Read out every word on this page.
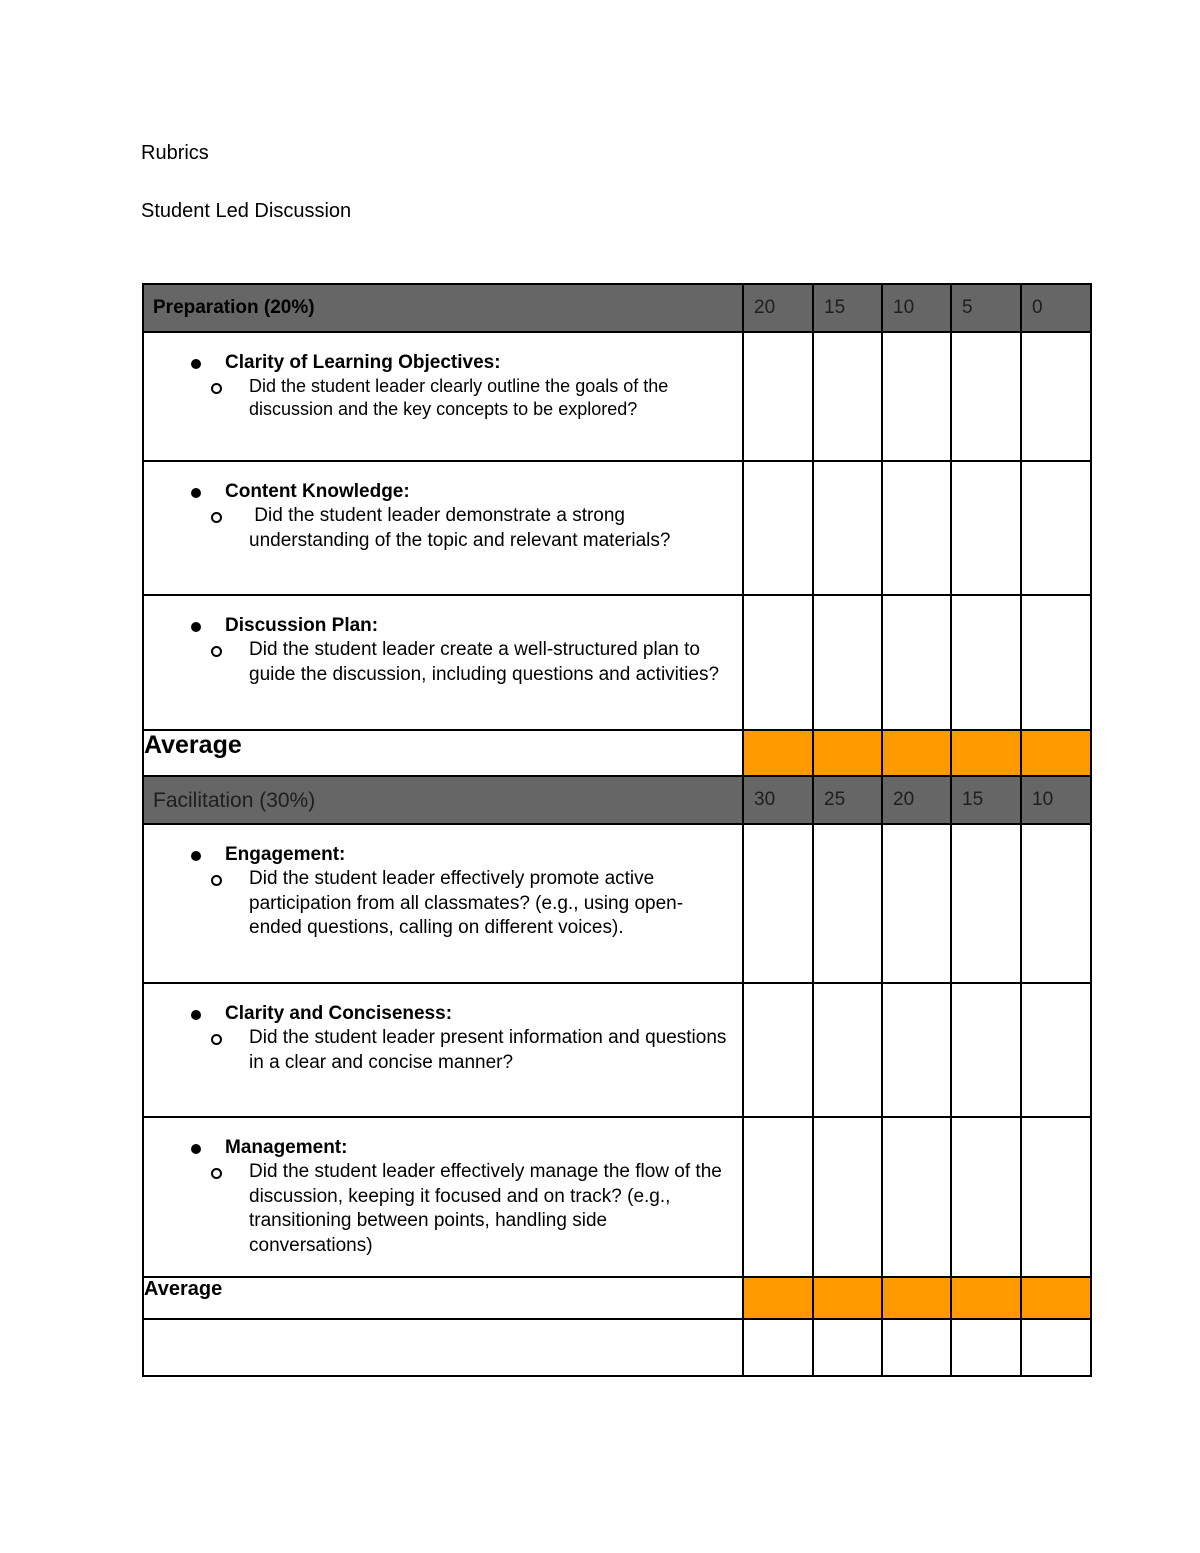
Rubrics
Student Led Discussion
Preparation (20%)	20	15	10	5	0

Clarity of Learning Objectives:
Did the student leader clearly outline the goals of the discussion and the key concepts to be explored?					

Content Knowledge:
Did the student leader demonstrate a strong understanding of the topic and relevant materials?					

Discussion Plan:
Did the student leader create a well-structured plan to guide the discussion, including questions and activities?					

Average					
Facilitation (30%)	30	25	20	15	10

Engagement:
Did the student leader effectively promote active participation from all classmates? (e.g., using open-ended questions, calling on different voices).					

Clarity and Conciseness:
Did the student leader present information and questions in a clear and concise manner?					

Management:
Did the student leader effectively manage the flow of the discussion, keeping it focused and on track? (e.g., transitioning between points, handling side conversations)					

Average					
